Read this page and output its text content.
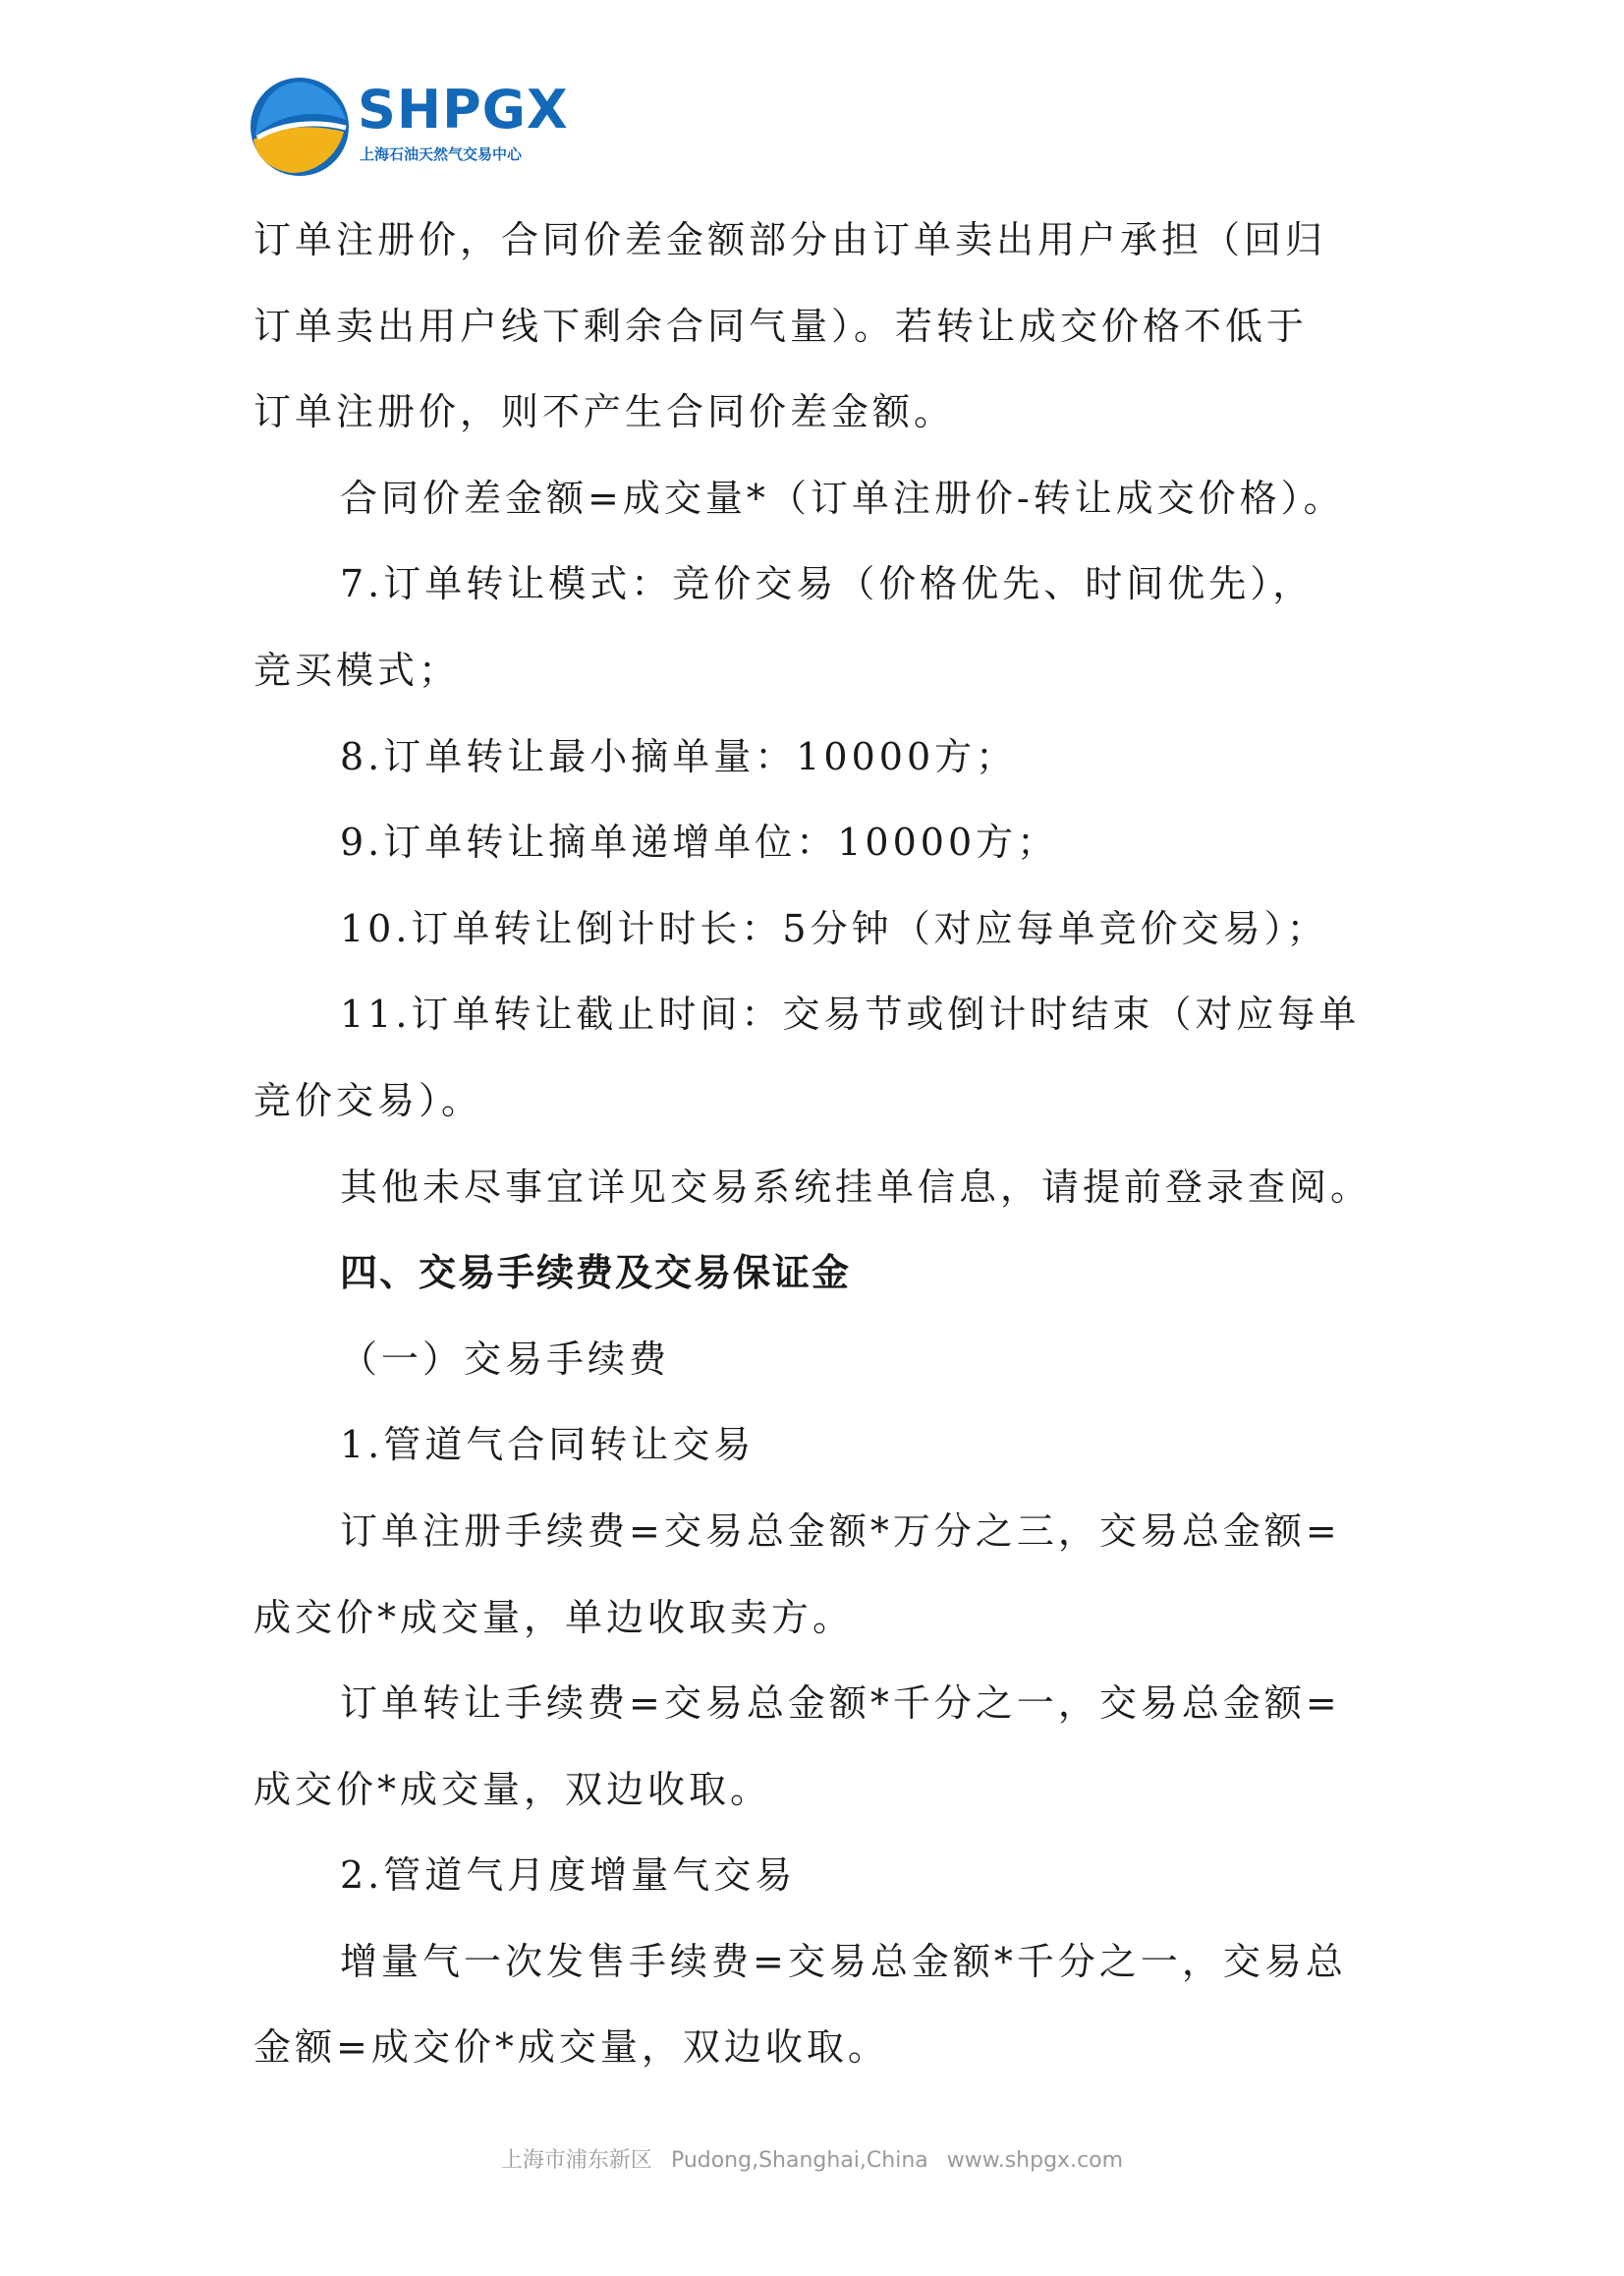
SHPGX
上海石油天然气交易中心

订单注册价，合同价差金额部分由订单卖出用户承担（回归

订单卖出用户线下剩余合同气量）。若转让成交价格不低于

订单注册价，则不产生合同价差金额。

合同价差金额=成交量*（订单注册价-转让成交价格）。

7.订单转让模式：竞价交易（价格优先、时间优先），

竞买模式；

8.订单转让最小摘单量：10000方；

9.订单转让摘单递增单位：10000方；

10.订单转让倒计时长：5分钟（对应每单竞价交易）；

11.订单转让截止时间：交易节或倒计时结束（对应每单

竞价交易）。

其他未尽事宜详见交易系统挂单信息，请提前登录查阅。

四、交易手续费及交易保证金

（一）交易手续费

1.管道气合同转让交易

订单注册手续费=交易总金额*万分之三，交易总金额=

成交价*成交量，单边收取卖方。

订单转让手续费=交易总金额*千分之一，交易总金额=

成交价*成交量，双边收取。

2.管道气月度增量气交易

增量气一次发售手续费=交易总金额*千分之一，交易总

金额=成交价*成交量，双边收取。

上海市浦东新区 Pudong,Shanghai,China www.shpgx.com
